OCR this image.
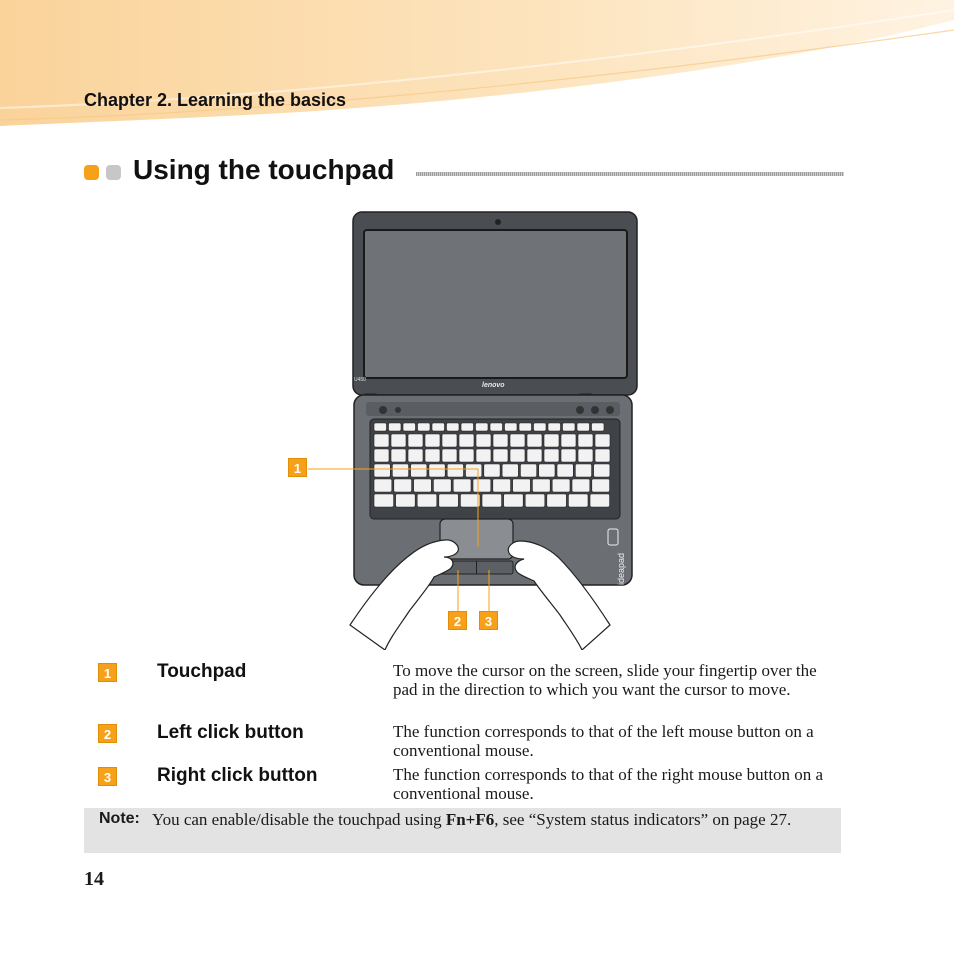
Chapter 2. Learning the basics
Using the touchpad
U450
lenovo
ideapad
1
2	3
1	Touchpad	To move the cursor on the screen, slide your fingertip over the pad in the direction to which you want the cursor to move.
2	Left click button	The function corresponds to that of the left mouse button on a conventional mouse.
3	Right click button	The function corresponds to that of the right mouse button on a conventional mouse.
Note: You can enable/disable the touchpad using Fn+F6, see “System status indicators” on page 27.
14
